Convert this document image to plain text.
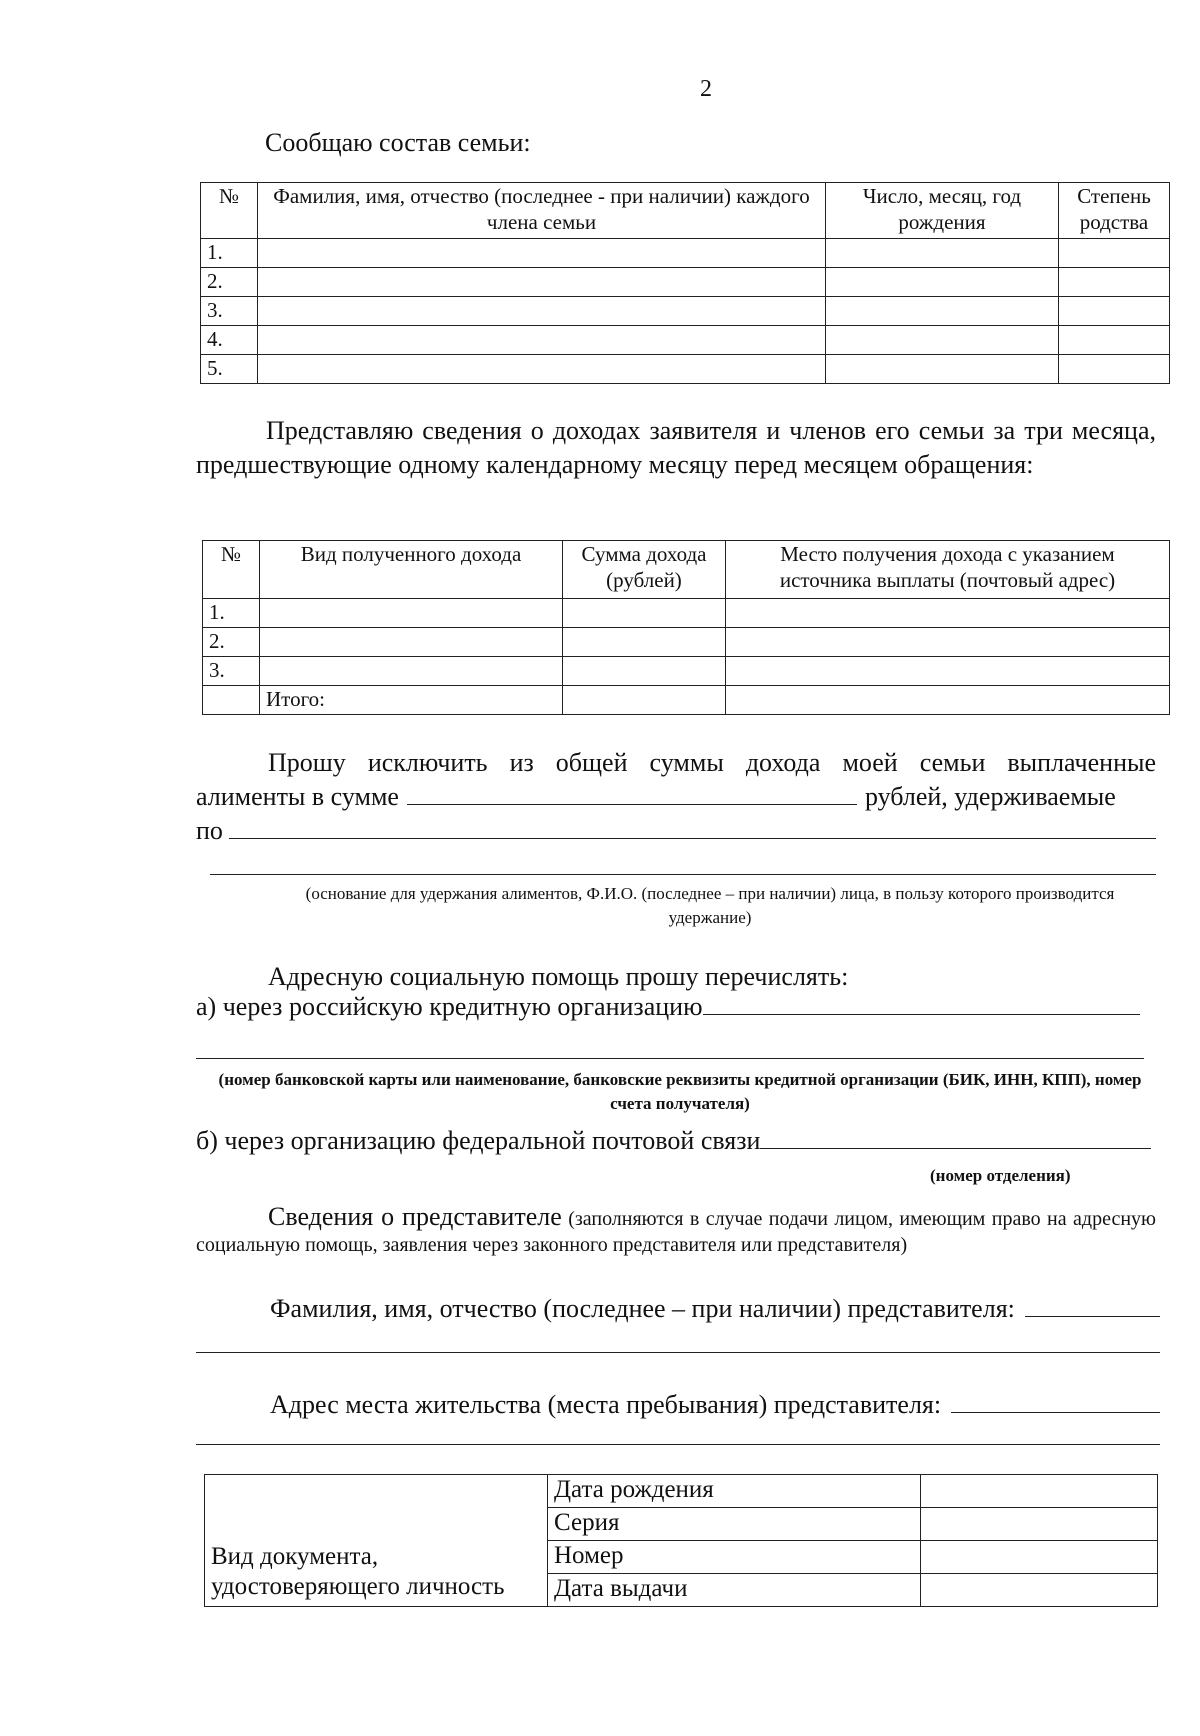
2
Сообщаю состав семьи:
№	Фамилия, имя, отчество (последнее - при наличии) каждого члена семьи	Число, месяц, год рождения	Степень родства
1.			
2.			
3.			
4.			
5.			
Представляю сведения о доходах заявителя и членов его семьи за три месяца, предшествующие одному календарному месяцу перед месяцем обращения:
№	Вид полученного дохода	Сумма дохода (рублей)	Место получения дохода с указанием источника выплаты (почтовый адрес)
1.			
2.			
3.			
	Итого:		
Прошу исключить из общей суммы дохода моей семьи выплаченные
алименты в сумме	рублей, удерживаемые
по
(основание для удержания алиментов, Ф.И.О. (последнее – при наличии) лица, в пользу которого производится удержание)
Адресную социальную помощь прошу перечислять:
а) через российскую кредитную организацию
(номер банковской карты или наименование, банковские реквизиты кредитной организации (БИК, ИНН, КПП), номер счета получателя)
б) через организацию федеральной почтовой связи
(номер отделения)
Сведения о представителе (заполняются в случае подачи лицом, имеющим право на адресную социальную помощь, заявления через законного представителя или представителя)
Фамилия, имя, отчество (последнее – при наличии) представителя:
Адрес места жительства (места пребывания) представителя:
Вид документа, удостоверяющего личность	Дата рождения	
	Серия	
	Номер	
	Дата выдачи	
